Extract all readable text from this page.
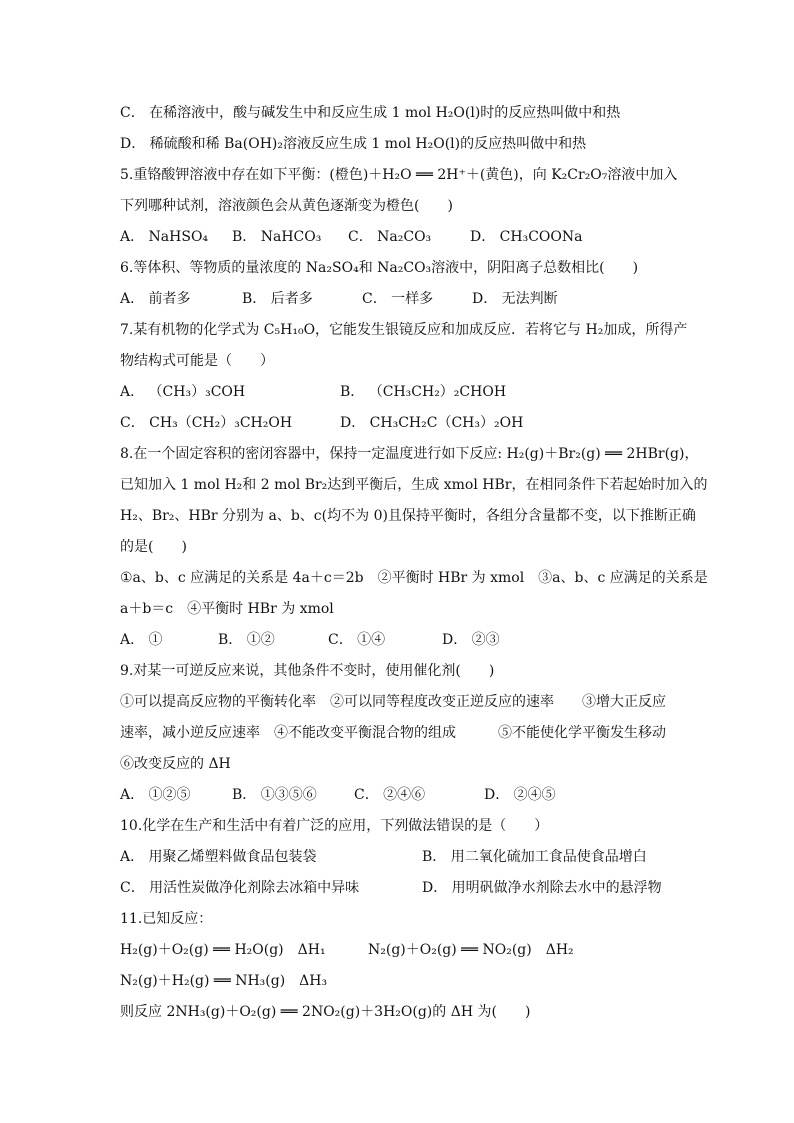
C． 在稀溶液中，酸与碱发生中和反应生成 1 mol H₂O(l)时的反应热叫做中和热
D． 稀硫酸和稀 Ba(OH)₂溶液反应生成 1 mol H₂O(l)的反应热叫做中和热
5.重铬酸钾溶液中存在如下平衡：(橙色)＋H₂O ══ 2H⁺＋(黄色)，向 K₂Cr₂O₇溶液中加入
下列哪种试剂，溶液颜色会从黄色逐渐变为橙色(　　)
A． NaHSO₄ B． NaHCO₃ C． Na₂CO₃	D． CH₃COONa
6.等体积、等物质的量浓度的 Na₂SO₄和 Na₂CO₃溶液中，阴阳离子总数相比(　　)
A． 前者多	B． 后者多	C． 一样多	D． 无法判断
7.某有机物的化学式为 C₅H₁₀O，它能发生银镜反应和加成反应．若将它与 H₂加成，所得产
物结构式可能是（　　）
A． （CH₃）₃COH	B． （CH₃CH₂）₂CHOH
C． CH₃（CH₂）₃CH₂OH	D． CH₃CH₂C（CH₃）₂OH
8.在一个固定容积的密闭容器中，保持一定温度进行如下反应: H₂(g)＋Br₂(g) ══ 2HBr(g)，
已知加入 1 mol H₂和 2 mol Br₂达到平衡后，生成 xmol HBr，在相同条件下若起始时加入的
H₂、Br₂、HBr 分别为 a、b、c(均不为 0)且保持平衡时，各组分含量都不变，以下推断正确
的是(　　)
①a、b、c 应满足的关系是 4a＋c＝2b　②平衡时 HBr 为 xmol　③a、b、c 应满足的关系是
a＋b＝c　④平衡时 HBr 为 xmol
A． ①	B． ①②	C． ①④	D． ②③
9.对某一可逆反应来说，其他条件不变时，使用催化剂(　　)
①可以提高反应物的平衡转化率　②可以同等程度改变正逆反应的速率　　③增大正反应
速率，减小逆反应速率　④不能改变平衡混合物的组成　　　⑤不能使化学平衡发生移动
⑥改变反应的 ΔH
A． ①②⑤	B． ①③⑤⑥	C． ②④⑥	D． ②④⑤
10.化学在生产和生活中有着广泛的应用，下列做法错误的是（　　）
A． 用聚乙烯塑料做食品包装袋	B． 用二氧化硫加工食品使食品增白
C． 用活性炭做净化剂除去冰箱中异味	D． 用明矾做净水剂除去水中的悬浮物
11.已知反应：
H₂(g)＋O₂(g) ══ H₂O(g)　ΔH₁	N₂(g)＋O₂(g) ══ NO₂(g)　ΔH₂
N₂(g)＋H₂(g) ══ NH₃(g)　ΔH₃
则反应 2NH₃(g)＋O₂(g) ══ 2NO₂(g)＋3H₂O(g)的 ΔH 为(　　)
